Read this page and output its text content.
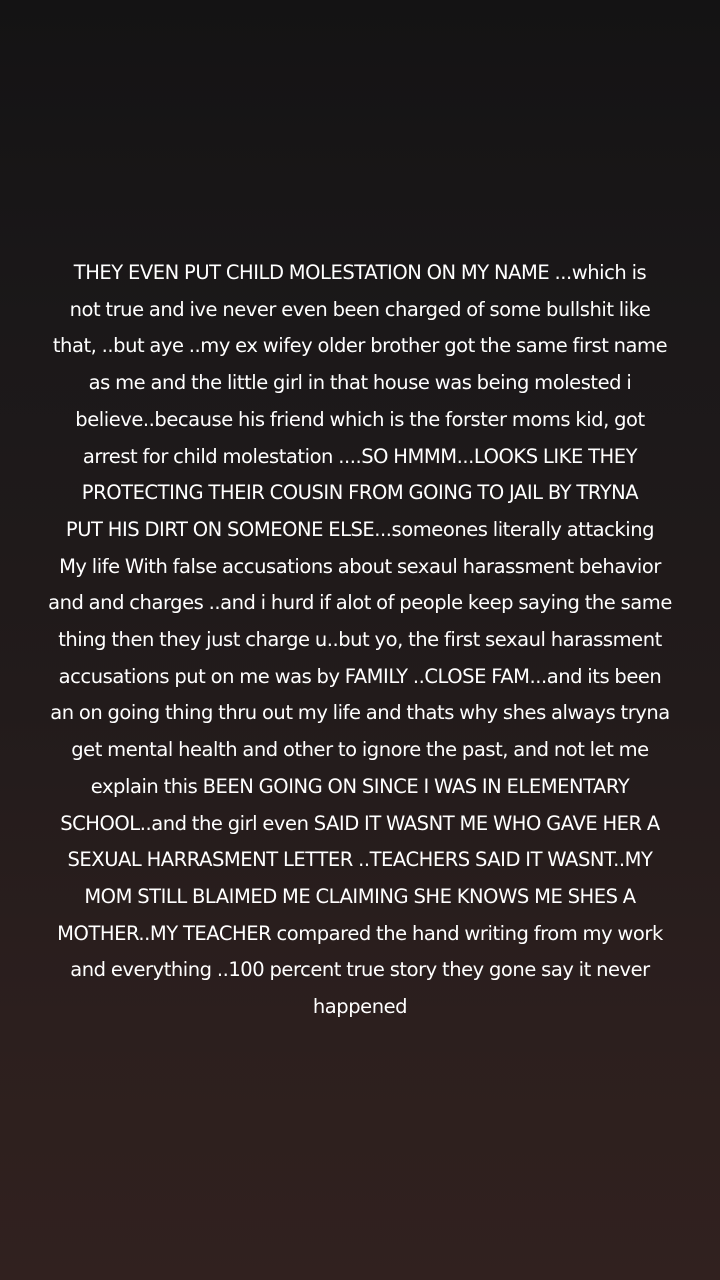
THEY EVEN PUT CHILD MOLESTATION ON MY NAME ...which is
not true and ive never even been charged of some bullshit like
that, ..but aye ..my ex wifey older brother got the same first name
as me and the little girl in that house was being molested i
believe..because his friend which is the forster moms kid, got
arrest for child molestation ....SO HMMM...LOOKS LIKE THEY
PROTECTING THEIR COUSIN FROM GOING TO JAIL BY TRYNA
PUT HIS DIRT ON SOMEONE ELSE...someones literally attacking
My life With false accusations about sexaul harassment behavior
and and charges ..and i hurd if alot of people keep saying the same
thing then they just charge u..but yo, the first sexaul harassment
accusations put on me was by FAMILY ..CLOSE FAM...and its been
an on going thing thru out my life and thats why shes always tryna
get mental health and other to ignore the past, and not let me
explain this BEEN GOING ON SINCE I WAS IN ELEMENTARY
SCHOOL..and the girl even SAID IT WASNT ME WHO GAVE HER A
SEXUAL HARRASMENT LETTER ..TEACHERS SAID IT WASNT..MY
MOM STILL BLAIMED ME CLAIMING SHE KNOWS ME SHES A
MOTHER..MY TEACHER compared the hand writing from my work
and everything ..100 percent true story they gone say it never
happened
